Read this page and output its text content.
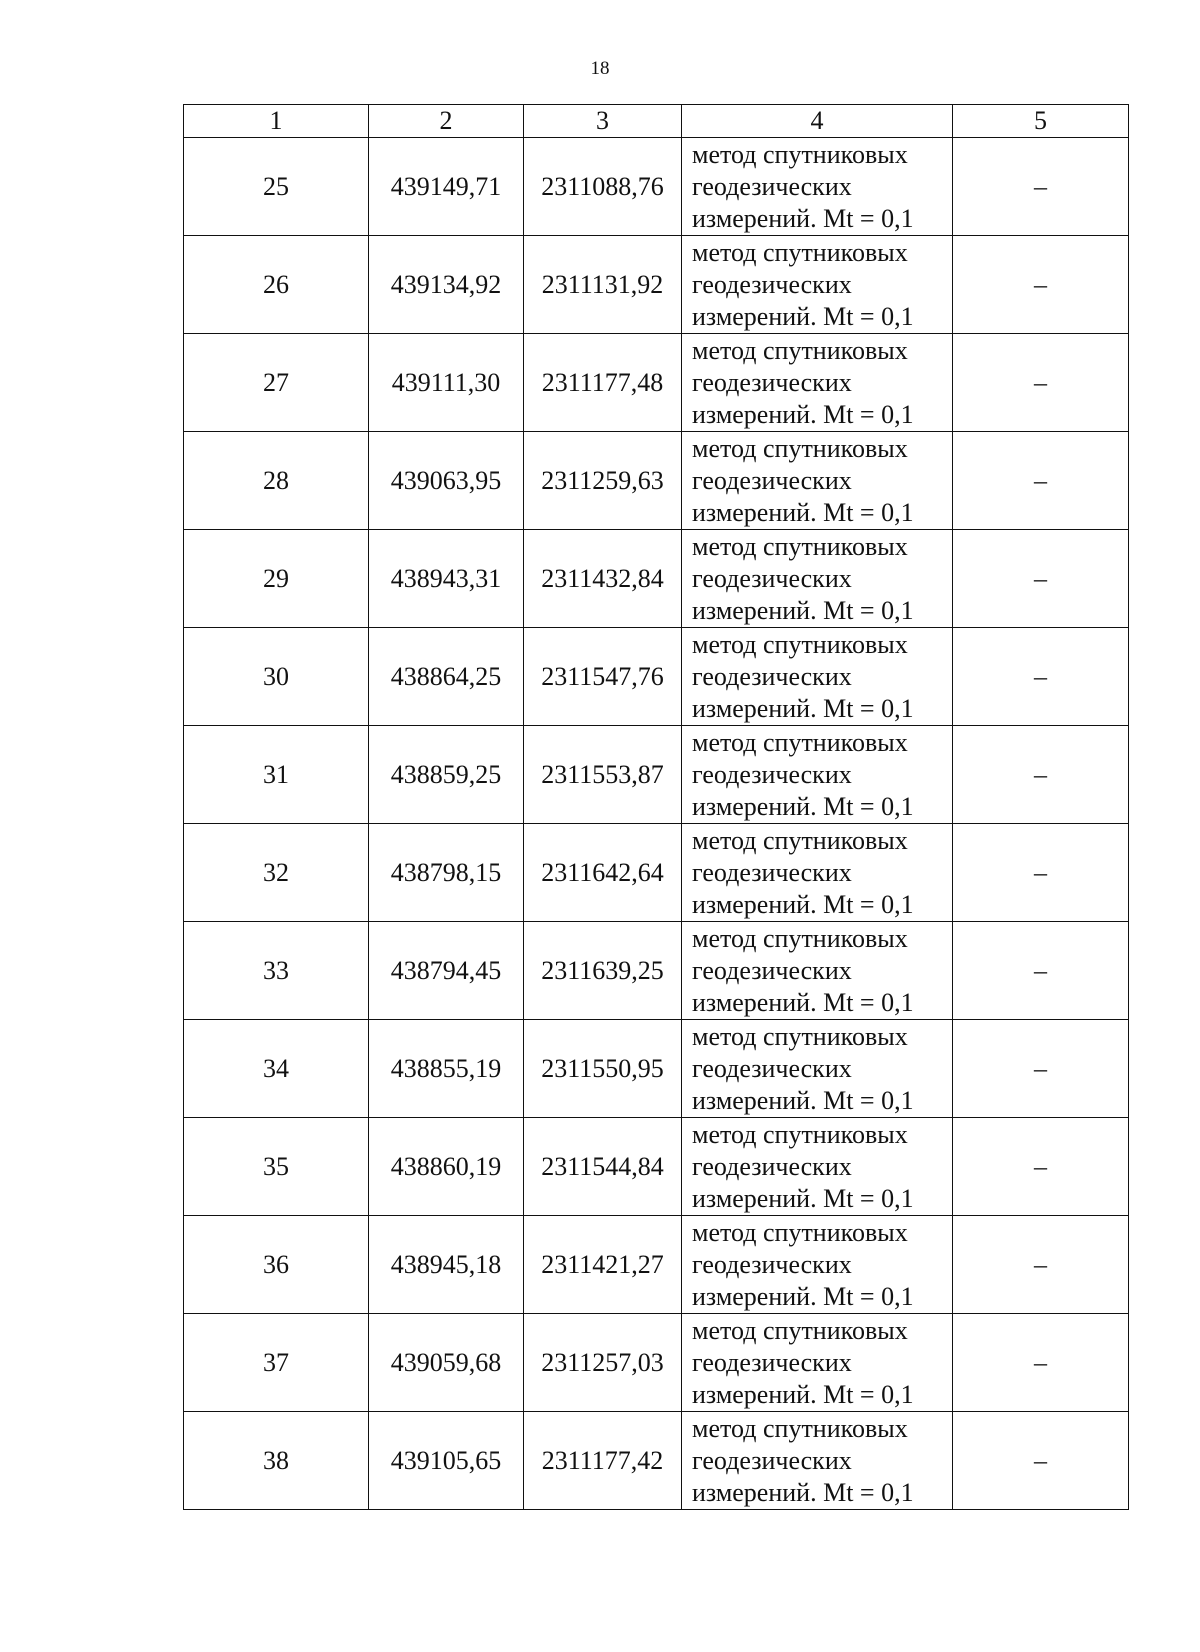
18
1	2	3	4	5
25	439149,71	2311088,76	метод спутниковых
геодезических
измерений. Mt = 0,1	–
26	439134,92	2311131,92	метод спутниковых
геодезических
измерений. Mt = 0,1	–
27	439111,30	2311177,48	метод спутниковых
геодезических
измерений. Mt = 0,1	–
28	439063,95	2311259,63	метод спутниковых
геодезических
измерений. Mt = 0,1	–
29	438943,31	2311432,84	метод спутниковых
геодезических
измерений. Mt = 0,1	–
30	438864,25	2311547,76	метод спутниковых
геодезических
измерений. Mt = 0,1	–
31	438859,25	2311553,87	метод спутниковых
геодезических
измерений. Mt = 0,1	–
32	438798,15	2311642,64	метод спутниковых
геодезических
измерений. Mt = 0,1	–
33	438794,45	2311639,25	метод спутниковых
геодезических
измерений. Mt = 0,1	–
34	438855,19	2311550,95	метод спутниковых
геодезических
измерений. Mt = 0,1	–
35	438860,19	2311544,84	метод спутниковых
геодезических
измерений. Mt = 0,1	–
36	438945,18	2311421,27	метод спутниковых
геодезических
измерений. Mt = 0,1	–
37	439059,68	2311257,03	метод спутниковых
геодезических
измерений. Mt = 0,1	–
38	439105,65	2311177,42	метод спутниковых
геодезических
измерений. Mt = 0,1	–
